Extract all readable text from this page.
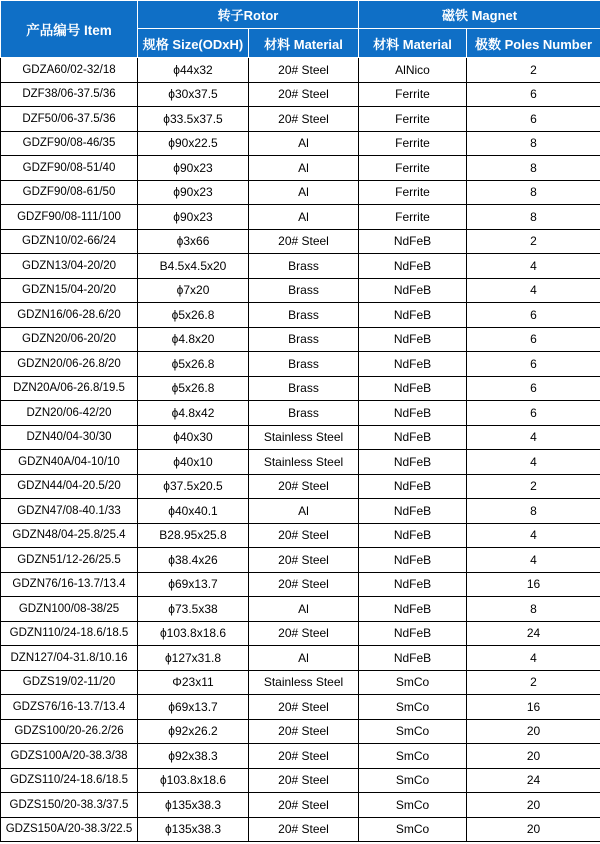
产品编号 Item	转子Rotor		磁铁 Magnet	
	规格 Size(ODxH)	材料 Material	材料 Material	极数 Poles Number
GDZA60/02-32/18	ϕ44x32	20# Steel	AlNico	2
DZF38/06-37.5/36	ϕ30x37.5	20# Steel	Ferrite	6
DZF50/06-37.5/36	ϕ33.5x37.5	20# Steel	Ferrite	6
GDZF90/08-46/35	ϕ90x22.5	Al	Ferrite	8
GDZF90/08-51/40	ϕ90x23	Al	Ferrite	8
GDZF90/08-61/50	ϕ90x23	Al	Ferrite	8
GDZF90/08-111/100	ϕ90x23	Al	Ferrite	8
GDZN10/02-66/24	ϕ3x66	20# Steel	NdFeB	2
GDZN13/04-20/20	B4.5x4.5x20	Brass	NdFeB	4
GDZN15/04-20/20	ϕ7x20	Brass	NdFeB	4
GDZN16/06-28.6/20	ϕ5x26.8	Brass	NdFeB	6
GDZN20/06-20/20	ϕ4.8x20	Brass	NdFeB	6
GDZN20/06-26.8/20	ϕ5x26.8	Brass	NdFeB	6
DZN20A/06-26.8/19.5	ϕ5x26.8	Brass	NdFeB	6
DZN20/06-42/20	ϕ4.8x42	Brass	NdFeB	6
DZN40/04-30/30	ϕ40x30	Stainless Steel	NdFeB	4
GDZN40A/04-10/10	ϕ40x10	Stainless Steel	NdFeB	4
GDZN44/04-20.5/20	ϕ37.5x20.5	20# Steel	NdFeB	2
GDZN47/08-40.1/33	ϕ40x40.1	Al	NdFeB	8
GDZN48/04-25.8/25.4	B28.95x25.8	20# Steel	NdFeB	4
GDZN51/12-26/25.5	ϕ38.4x26	20# Steel	NdFeB	4
GDZN76/16-13.7/13.4	ϕ69x13.7	20# Steel	NdFeB	16
GDZN100/08-38/25	ϕ73.5x38	Al	NdFeB	8
GDZN110/24-18.6/18.5	ϕ103.8x18.6	20# Steel	NdFeB	24
DZN127/04-31.8/10.16	ϕ127x31.8	Al	NdFeB	4
GDZS19/02-11/20	Φ23x11	Stainless Steel	SmCo	2
GDZS76/16-13.7/13.4	ϕ69x13.7	20# Steel	SmCo	16
GDZS100/20-26.2/26	ϕ92x26.2	20# Steel	SmCo	20
GDZS100A/20-38.3/38	ϕ92x38.3	20# Steel	SmCo	20
GDZS110/24-18.6/18.5	ϕ103.8x18.6	20# Steel	SmCo	24
GDZS150/20-38.3/37.5	ϕ135x38.3	20# Steel	SmCo	20
GDZS150A/20-38.3/22.5	ϕ135x38.3	20# Steel	SmCo	20
